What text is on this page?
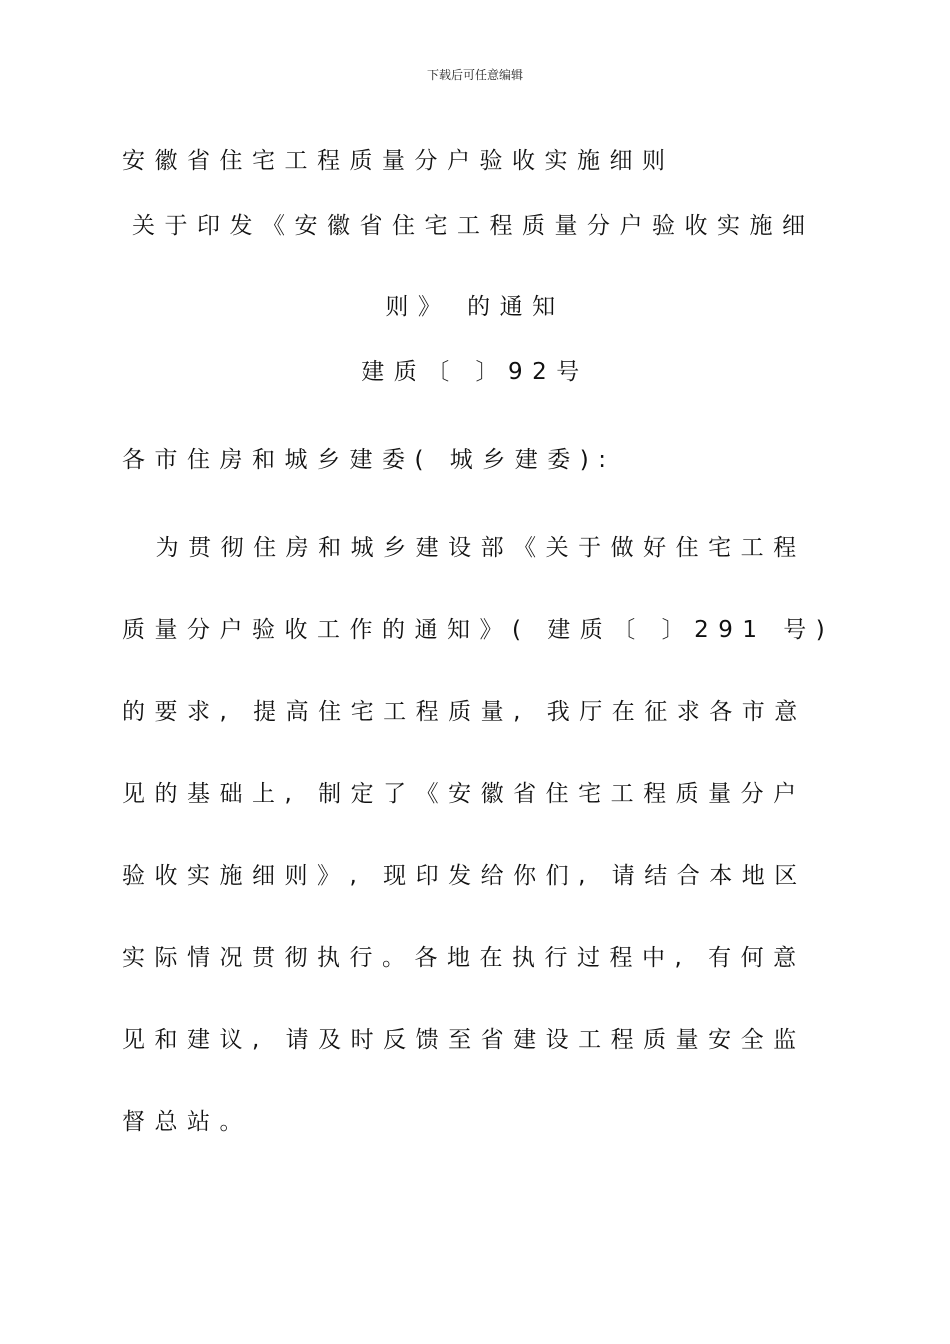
下载后可任意编辑
安徽省住宅工程质量分户验收实施细则
关于印发《安徽省住宅工程质量分户验收实施细
则》 的通知
建质〔 〕92号
各市住房和城乡建委( 城乡建委):
为贯彻住房和城乡建设部《关于做好住宅工程
质量分户验收工作的通知》( 建质〔 〕291 号)
的要求, 提高住宅工程质量, 我厅在征求各市意
见的基础上, 制定了《安徽省住宅工程质量分户
验收实施细则》, 现印发给你们, 请结合本地区
实际情况贯彻执行。各地在执行过程中, 有何意
见和建议, 请及时反馈至省建设工程质量安全监
督总站。
